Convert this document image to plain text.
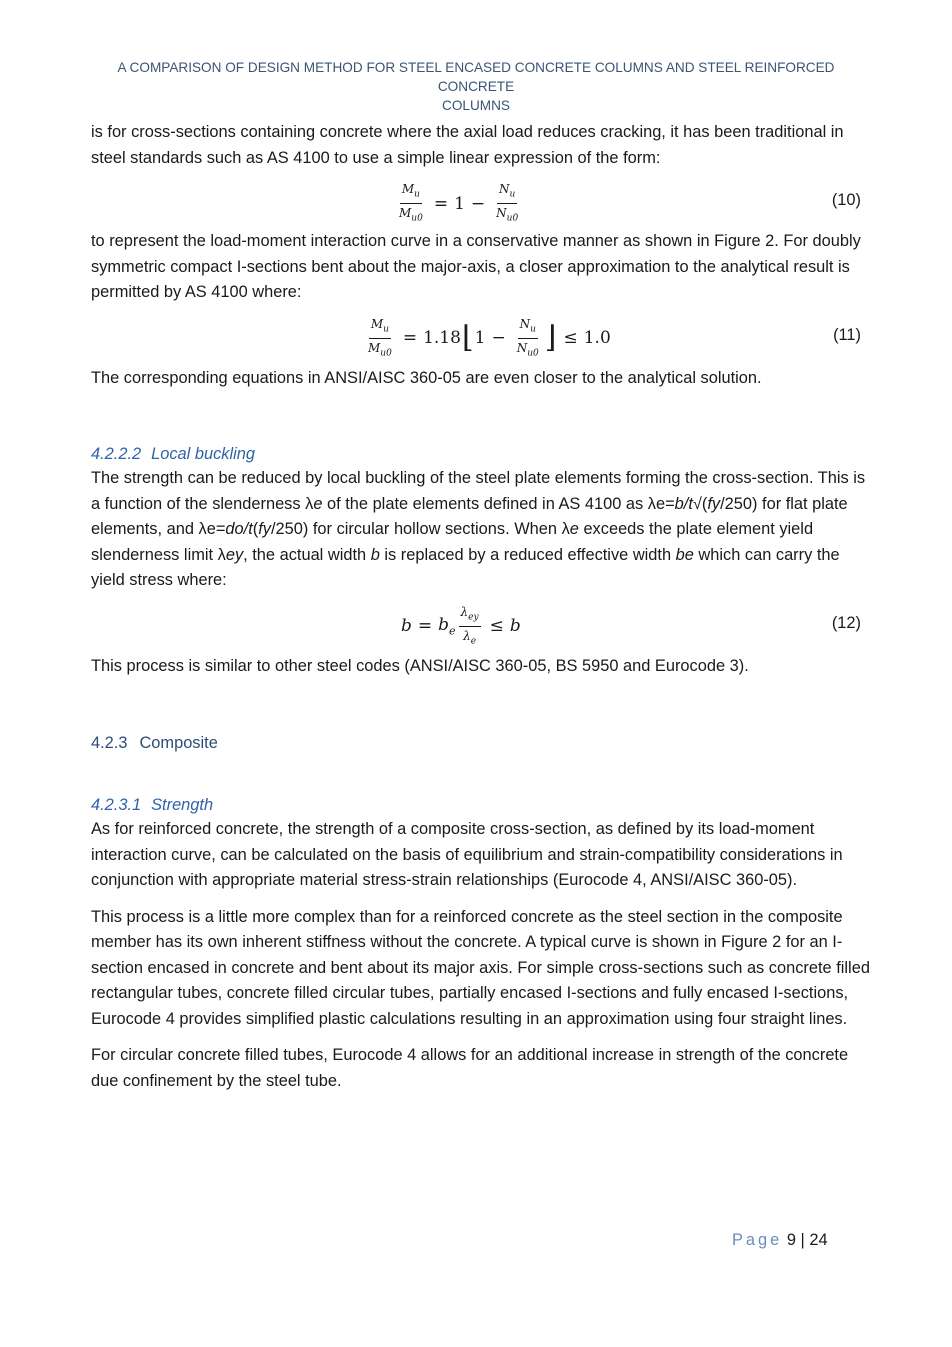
A COMPARISON OF DESIGN METHOD FOR STEEL ENCASED CONCRETE COLUMNS AND STEEL REINFORCED CONCRETE
COLUMNS

is for cross-sections containing concrete where the axial load reduces cracking, it has been traditional in steel standards such as AS 4100 to use a simple linear expression of the form:

$\frac{M_u}{M_{u0}} = 1 - \frac{N_u}{N_{u0}}$	(10)

to represent the load-moment interaction curve in a conservative manner as shown in Figure 2. For doubly symmetric compact I-sections bent about the major-axis, a closer approximation to the analytical result is permitted by AS 4100 where:

$\frac{M_u}{M_{u0}} = 1.18$ ⌊ $1 - \frac{N_u}{N_{u0}}$ ⌋ ≤ 1.0	(11)

The corresponding equations in ANSI/AISC 360-05 are even closer to the analytical solution.

4.2.2.2 Local buckling

The strength can be reduced by local buckling of the steel plate elements forming the cross-section. This is a function of the slenderness λe of the plate elements defined in AS 4100 as λe=b/t√(fy/250) for flat plate elements, and λe=do/t(fy/250) for circular hollow sections. When λe exceeds the plate element yield slenderness limit λey, the actual width b is replaced by a reduced effective width be which can carry the yield stress where:

$b = b_e \frac{\lambda_{ey}}{\lambda_e} \le b$	(12)

This process is similar to other steel codes (ANSI/AISC 360-05, BS 5950 and Eurocode 3).

4.2.3 Composite
4.2.3.1 Strength

As for reinforced concrete, the strength of a composite cross-section, as defined by its load-moment interaction curve, can be calculated on the basis of equilibrium and strain-compatibility considerations in conjunction with appropriate material stress-strain relationships (Eurocode 4, ANSI/AISC 360-05).

This process is a little more complex than for a reinforced concrete as the steel section in the composite member has its own inherent stiffness without the concrete. A typical curve is shown in Figure 2 for an I-section encased in concrete and bent about its major axis. For simple cross-sections such as concrete filled rectangular tubes, concrete filled circular tubes, partially encased I-sections and fully encased I-sections, Eurocode 4 provides simplified plastic calculations resulting in an approximation using four straight lines.

For circular concrete filled tubes, Eurocode 4 allows for an additional increase in strength of the concrete due confinement by the steel tube.

Page 9 | 24
